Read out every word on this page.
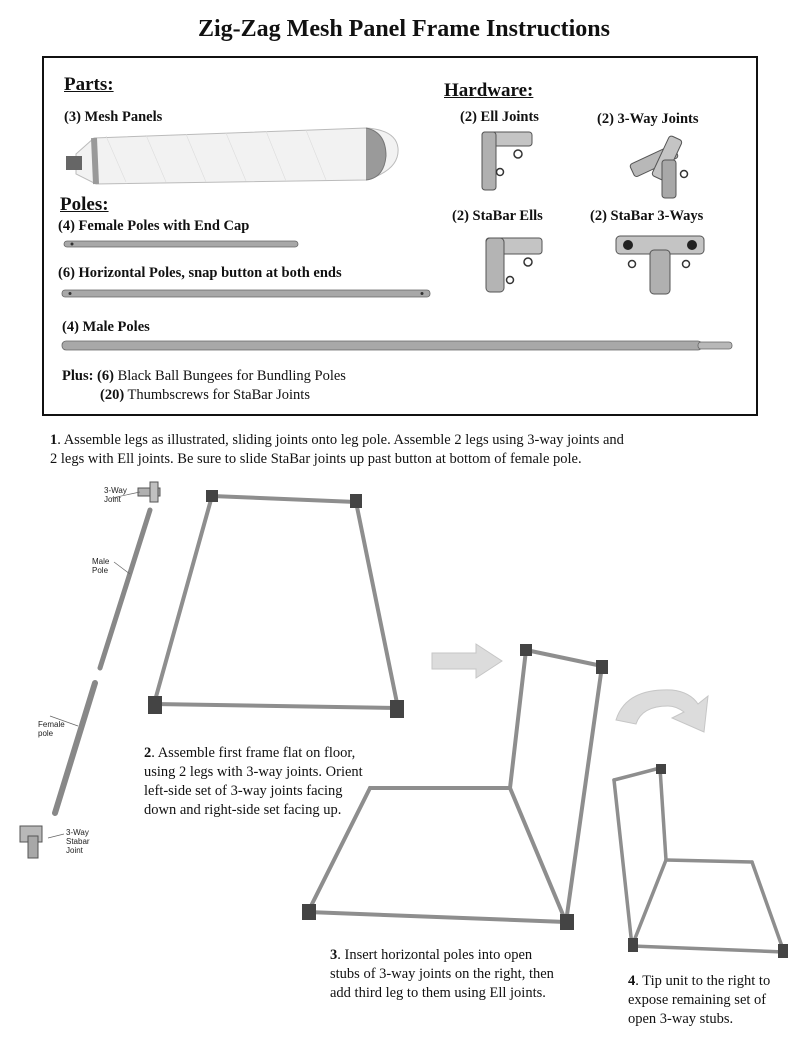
Zig-Zag Mesh Panel Frame Instructions
Parts:
(3) Mesh Panels
Poles:
(4) Female Poles with End Cap
(6) Horizontal Poles, snap button at both ends
(4) Male Poles
Plus: (6) Black Ball Bungees for Bundling Poles
(20) Thumbscrews for StaBar Joints
Hardware:
(2) Ell Joints	(2) 3-Way Joints
(2) StaBar Ells	(2) StaBar 3-Ways
1. Assemble legs as illustrated, sliding joints onto leg pole. Assemble 2 legs using 3-way joints and
2 legs with Ell joints. Be sure to slide StaBar joints up past button at bottom of female pole.
3-Way Joint
Male Pole
Female pole
3-Way Stabar Joint
2. Assemble first frame flat on floor, using 2 legs with 3-way joints. Orient left-side set of 3-way joints facing down and right-side set facing up.
3. Insert horizontal poles into open stubs of 3-way joints on the right, then add third leg to them using Ell joints.
4. Tip unit to the right to expose remaining set of open 3-way stubs.
